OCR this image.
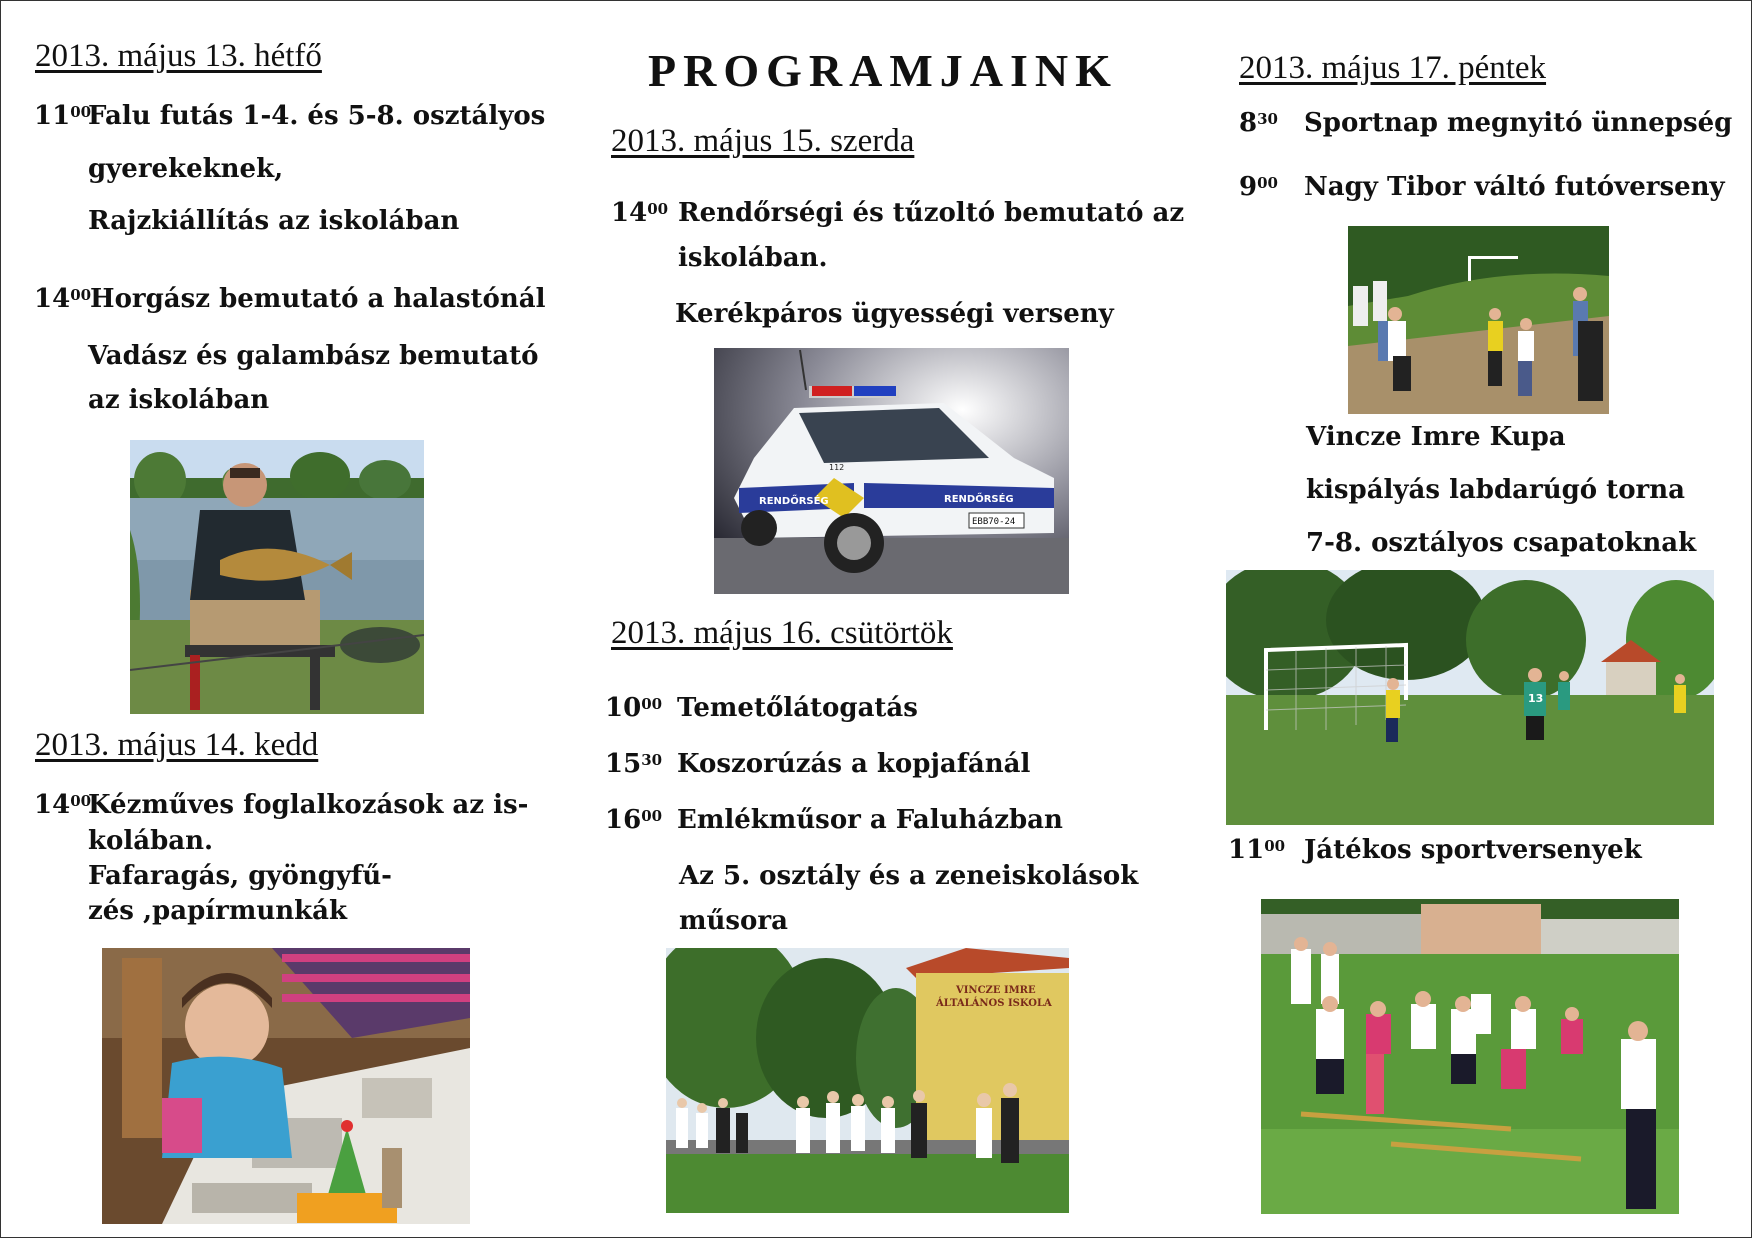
PROGRAMJAINK
2013. május 13. hétfő
$11^{00}$
Falu futás 1-4. és 5-8. osztályos
gyerekeknek,
Rajzkiállítás az iskolában
$14^{00}$
Horgász bemutató a halastónál
Vadász és galambász bemutató
az iskolában
2013. május 14. kedd
$14^{00}$
Kézműves foglalkozások az is-
kolában.
Fafaragás, gyöngyfű-
zés ,papírmunkák
2013. május 15. szerda
$14^{00}$ Rendőrségi és tűzoltó bemutató az
iskolában.
Kerékpáros ügyességi verseny
RENDŐRSÉG	RENDŐRSÉG
112
EBB70-24
2013. május 16. csütörtök
$10^{00}$ Temetőlátogatás
$15^{30}$ Koszorúzás a kopjafánál
$16^{00}$ Emlékműsor a Faluházban
Az 5. osztály és a zeneiskolások
műsora
VINCZE IMRE
ÁLTALÁNOS ISKOLA
2013. május 17. péntek
$8^{30}$ Sportnap megnyitó ünnepség
$9^{00}$ Nagy Tibor váltó futóverseny
Vincze Imre Kupa
kispályás labdarúgó torna
7-8. osztályos csapatoknak
13
$11^{00}$ Játékos sportversenyek
